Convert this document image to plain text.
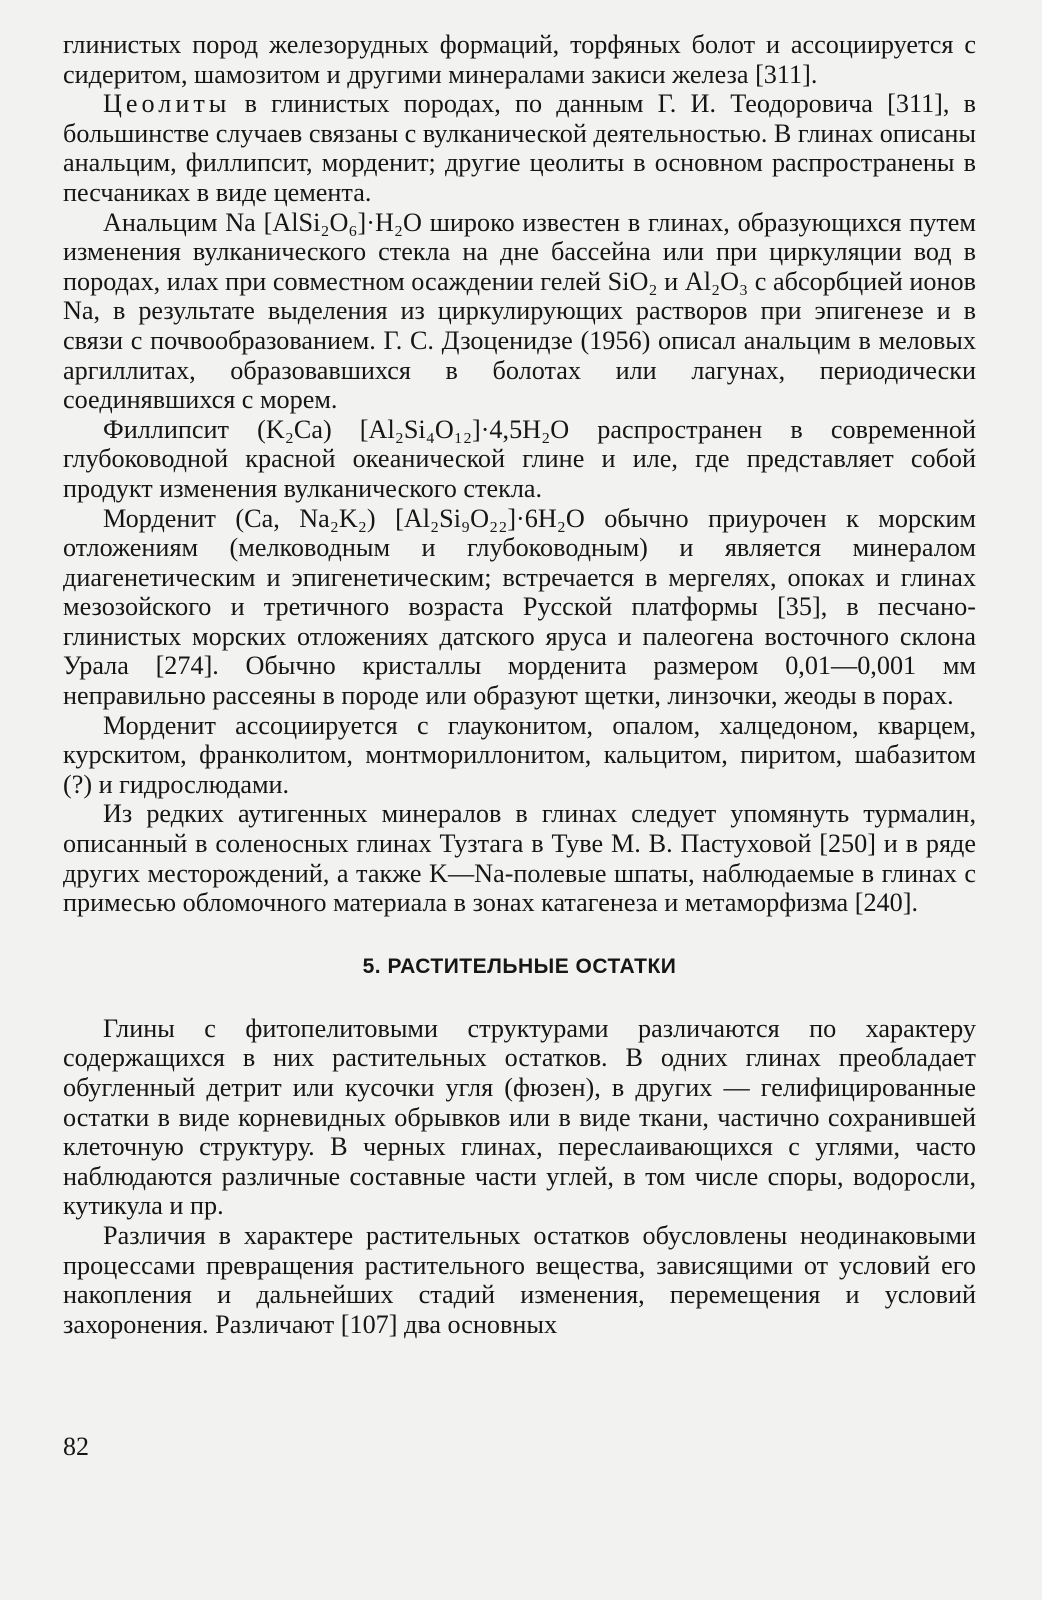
глинистых пород железорудных формаций, торфяных болот и ассоциируется с сидеритом, шамозитом и другими минералами закиси железа [311].

Цеолиты в глинистых породах, по данным Г. И. Теодоровича [311], в большинстве случаев связаны с вулканической деятельностью. В глинах описаны анальцим, филлипсит, морденит; другие цеолиты в основном распространены в песчаниках в виде цемента.

Анальцим Na [AlSi₂O₆]·H₂O широко известен в глинах, образующихся путем изменения вулканического стекла на дне бассейна или при циркуляции вод в породах, илах при совместном осаждении гелей SiO₂ и Al₂O₃ с абсорбцией ионов Na, в результате выделения из циркулирующих растворов при эпигенезе и в связи с почвообразованием. Г. С. Дзоценидзе (1956) описал анальцим в меловых аргиллитах, образовавшихся в болотах или лагунах, периодически соединявшихся с морем.

Филлипсит (K₂Ca) [Al₂Si₄O₁₂]·4,5H₂O распространен в современной глубоководной красной океанической глине и иле, где представляет собой продукт изменения вулканического стекла.

Морденит (Ca, Na₂K₂) [Al₂Si₉O₂₂]·6H₂O обычно приурочен к морским отложениям (мелководным и глубоководным) и является минералом диагенетическим и эпигенетическим; встречается в мергелях, опоках и глинах мезозойского и третичного возраста Русской платформы [35], в песчано-глинистых морских отложениях датского яруса и палеогена восточного склона Урала [274]. Обычно кристаллы морденита размером 0,01—0,001 мм неправильно рассеяны в породе или образуют щетки, линзочки, жеоды в порах.

Морденит ассоциируется с глауконитом, опалом, халцедоном, кварцем, курскитом, франколитом, монтмориллонитом, кальцитом, пиритом, шабазитом (?) и гидрослюдами.

Из редких аутигенных минералов в глинах следует упомянуть турмалин, описанный в соленосных глинах Тузтага в Туве М. В. Пастуховой [250] и в ряде других месторождений, а также K—Na-полевые шпаты, наблюдаемые в глинах с примесью обломочного материала в зонах катагенеза и метаморфизма [240].

5. РАСТИТЕЛЬНЫЕ ОСТАТКИ

Глины с фитопелитовыми структурами различаются по характеру содержащихся в них растительных остатков. В одних глинах преобладает обугленный детрит или кусочки угля (фюзен), в других — гелифицированные остатки в виде корневидных обрывков или в виде ткани, частично сохранившей клеточную структуру. В черных глинах, переслаивающихся с углями, часто наблюдаются различные составные части углей, в том числе споры, водоросли, кутикула и пр.

Различия в характере растительных остатков обусловлены неодинаковыми процессами превращения растительного вещества, зависящими от условий его накопления и дальнейших стадий изменения, перемещения и условий захоронения. Различают [107] два основных

82
